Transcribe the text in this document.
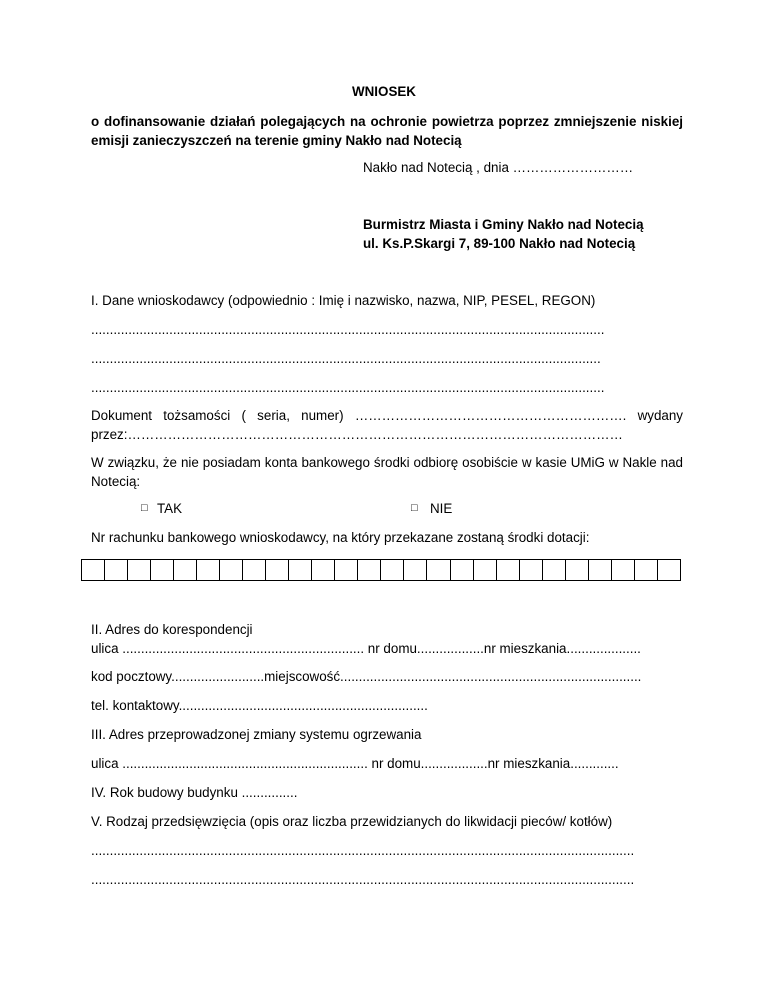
WNIOSEK
o dofinansowanie działań polegających na ochronie powietrza poprzez zmniejszenie niskiej emisji zanieczyszczeń na terenie gminy Nakło nad Notecią
Nakło nad Notecią , dnia ………………………
Burmistrz Miasta i Gminy Nakło nad Notecią
ul. Ks.P.Skargi 7, 89-100 Nakło nad Notecią
I. Dane wnioskodawcy (odpowiednio : Imię i nazwisko, nazwa, NIP, PESEL, REGON)
..........................................................................................................................................
.........................................................................................................................................
..........................................................................................................................................
Dokument tożsamości ( seria, numer) ……………………………………………………. wydany
przez:…………………………………………………………………………………………………
W związku, że nie posiadam konta bankowego środki odbiorę osobiście w kasie UMiG w Nakle nad Notecią:
□ TAK	□ NIE
Nr rachunku bankowego wnioskodawcy, na który przekazane zostaną środki dotacji:
II. Adres do korespondencji
ulica ................................................................. nr domu..................nr mieszkania....................
kod pocztowy.........................miejscowość.................................................................................
tel. kontaktowy...................................................................
III. Adres przeprowadzonej zmiany systemu ogrzewania
ulica .................................................................. nr domu..................nr mieszkania.............
IV. Rok budowy budynku ...............
V. Rodzaj przedsięwzięcia (opis oraz liczba przewidzianych do likwidacji pieców/ kotłów)
..................................................................................................................................................
..................................................................................................................................................
